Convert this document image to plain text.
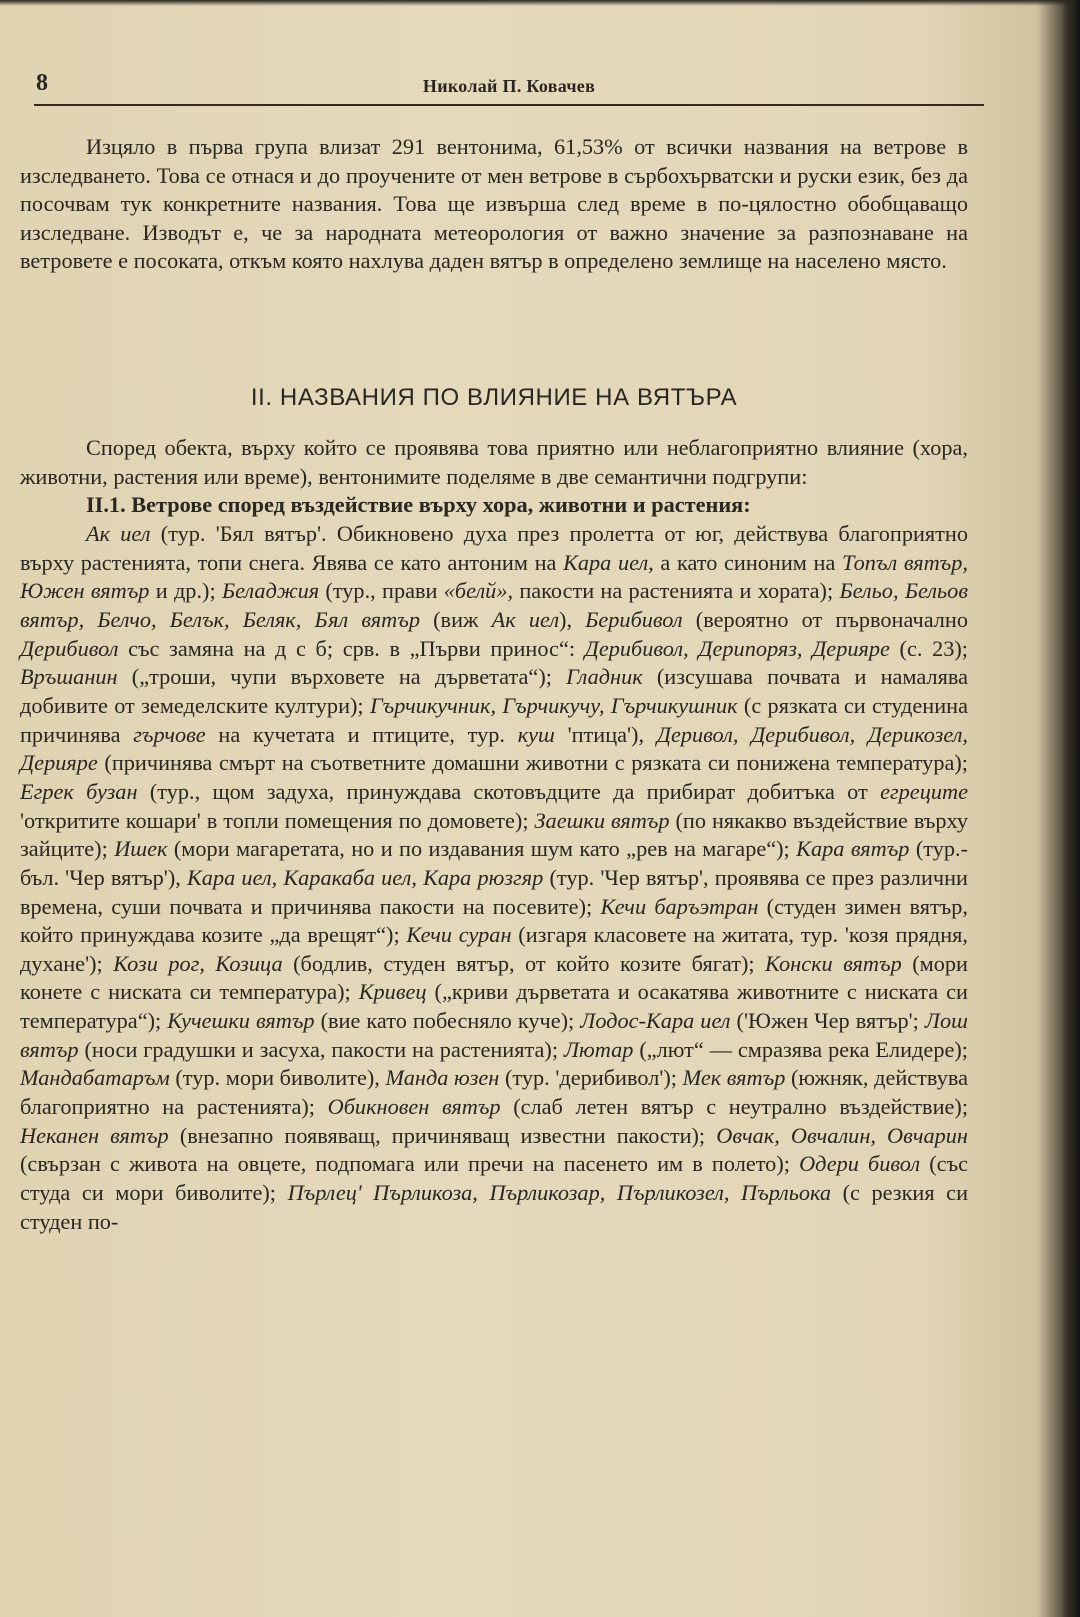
8	Николай П. Ковачев

Изцяло в първа група влизат 291 вентонима, 61,53% от всички названия на ветрове в изследването. Това се отнася и до проучените от мен ветрове в сърбохърватски и руски език, без да посочвам тук конкретните названия. Това ще извърша след време в по-цялостно обобщаващо изследване. Изводът е, че за народната метеорология от важно значение за разпознаване на ветровете е посоката, откъм която нахлува даден вятър в определено землище на населено място.

II. НАЗВАНИЯ ПО ВЛИЯНИЕ НА ВЯТЪРА

Според обекта, върху който се проявява това приятно или неблагоприятно влияние (хора, животни, растения или време), вентонимите поделяме в две семантични подгрупи:

II.1. Ветрове според въздействие върху хора, животни и растения:

Ак иел (тур. 'Бял вятър'. Обикновено духа през пролетта от юг, действува благоприятно върху растенията, топи снега. Явява се като антоним на Кара иел, а като синоним на Топъл вятър, Южен вятър и др.); Беладжия (тур., прави «белй», пакости на растенията и хората); Бельо, Бельов вятър, Белчо, Белък, Беляк, Бял вятър (виж Ак иел), Берибивол (вероятно от първоначално Дерибивол със замяна на д с б; срв. в „Първи принос“: Дерибивол, Дерипоряз, Дерияре (с. 23); Връшанин („троши, чупи върховете на дърветата“); Гладник (изсушава почвата и намалява добивите от земеделските култури); Гърчикучник, Гърчикучу, Гърчикушник (с рязката си студенина причинява гърчове на кучетата и птиците, тур. куш 'птица'), Деривол, Дерибивол, Дерикозел, Дерияре (причинява смърт на съответните домашни животни с рязката си понижена температура); Егрек бузан (тур., щом задуха, принуждава скотовъдците да прибират добитъка от егреците 'откритите кошари' в топли помещения по домовете); Заешки вятър (по някакво въздействие върху зайците); Ишек (мори магаретата, но и по издавания шум като „рев на магаре“); Кара вятър (тур.-бъл. 'Чер вятър'), Кара иел, Каракаба иел, Кара рюзгяр (тур. 'Чер вятър', проявява се през различни времена, суши почвата и причинява пакости на посевите); Кечи баръэтран (студен зимен вятър, който принуждава козите „да врещят“); Кечи суран (изгаря класовете на житата, тур. 'козя прядня, духане'); Кози рог, Козица (бодлив, студен вятър, от който козите бягат); Конски вятър (мори конете с ниската си температура); Кривец („криви дърветата и осакатява животните с ниската си температура“); Кучешки вятър (вие като побесняло куче); Лодос-Кара иел ('Южен Чер вятър'; Лош вятър (носи градушки и засуха, пакости на растенията); Лютар („лют“ — смразява река Елидере); Мандабатаръм (тур. мори биволите), Манда юзен (тур. 'дерибивол'); Мек вятър (южняк, действува благоприятно на растенията); Обикновен вятър (слаб летен вятър с неутрално въздействие); Неканен вятър (внезапно появяващ, причиняващ известни пакости); Овчак, Овчалин, Овчарин (свързан с живота на овцете, подпомага или пречи на пасенето им в полето); Одери бивол (със студа си мори биволите); Пърлец' Пърликоза, Пърликозар, Пърликозел, Пърльока (с резкия си студен по-
